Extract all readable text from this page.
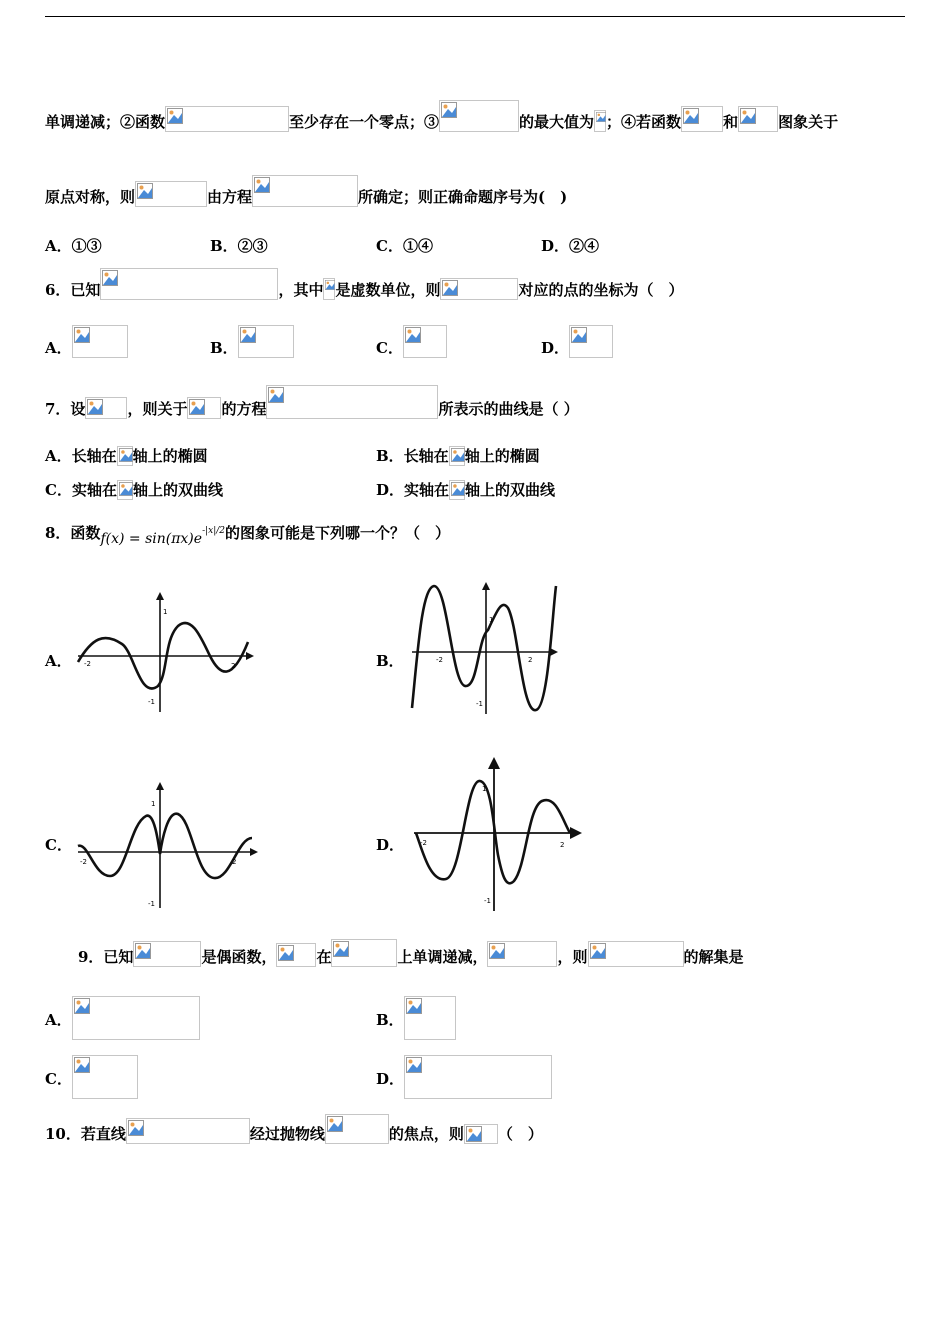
单调递减；②函数	至少存在一个零点；③	的最大值为 ；④若函数	和	图象关于
原点对称，则	由方程	所确定；则正确命题序号为(　)
A．①③	B．②③	C．①④	D．②④
6．已知	，其中 是虚数单位，则	对应的点的坐标为（　）
A．	B．	C．	D．
7．设	，则关于 的方程	所表示的曲线是（ ）
A．长轴在 轴上的椭圆	B．长轴在 轴上的椭圆
C．实轴在 轴上的双曲线	D．实轴在 轴上的双曲线
8．函数 $f(x) = \sin(\pi x)e^{-|x|/2}$ 的图象可能是下列哪一个？（　）
A．	B．
C．	D．
1
-1
-2	2
1
-1
-2	2
1
-1
-2	2
1
-1
-2	2
9．已知	是偶函数，	在	上单调递减，	，则	的解集是
A．	B．
C．	D．
10．若直线	经过抛物线	的焦点，则 （　）
